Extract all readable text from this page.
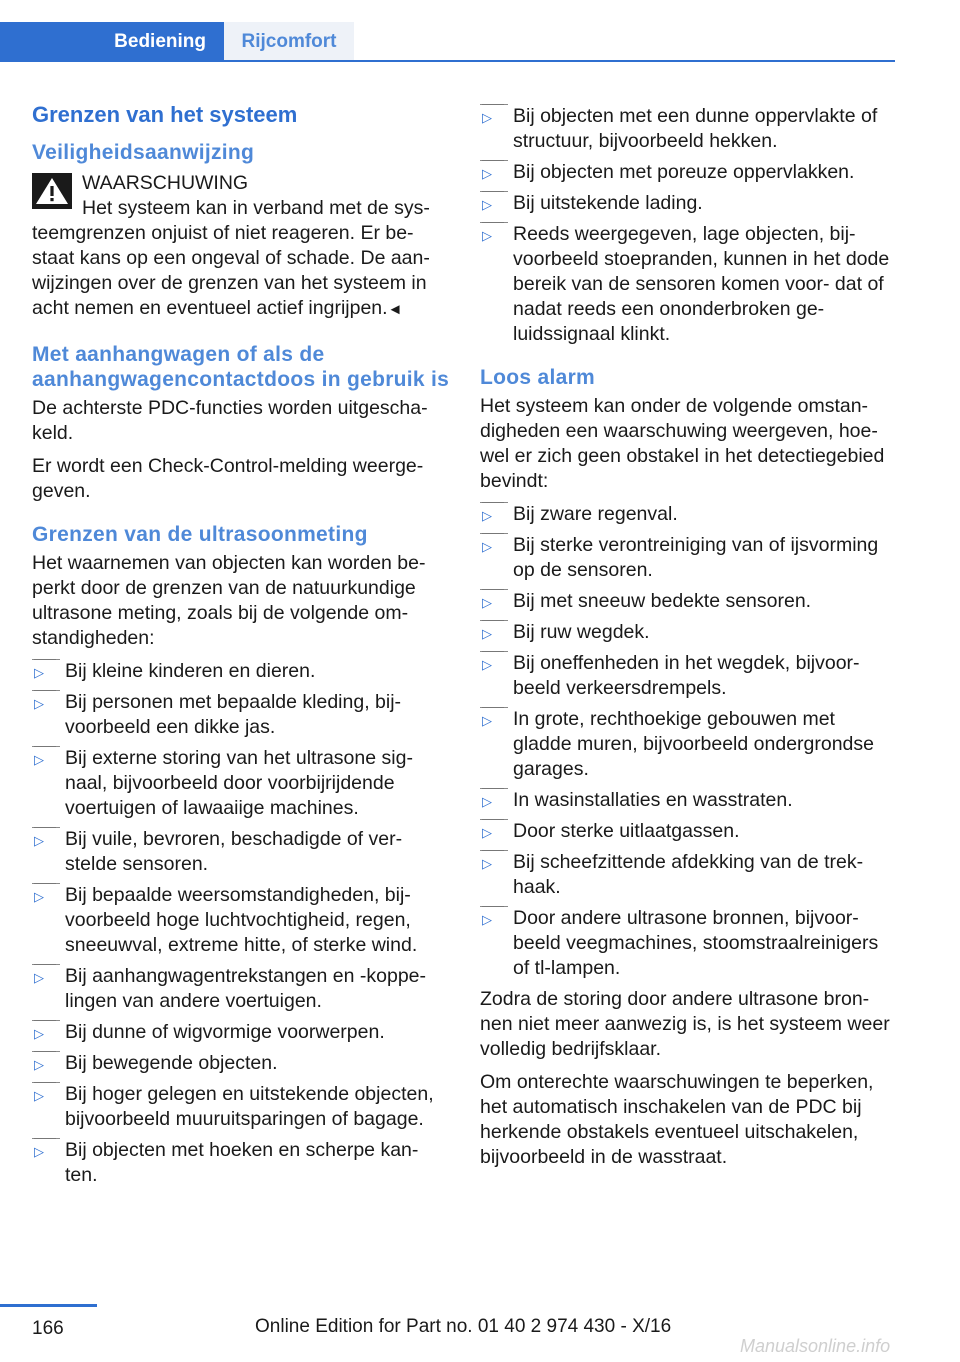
Bediening	Rijcomfort
Grenzen van het systeem
Veiligheidsaanwijzing
WAARSCHUWING
Het systeem kan in verband met de sys‐

teemgrenzen onjuist of niet reageren. Er be‐ staat kans op een ongeval of schade. De aan‐ wijzingen over de grenzen van het systeem in acht nemen en eventueel actief ingrijpen.◄

Met aanhangwagen of als de aanhangwagencontactdoos in gebruik is

De achterste PDC-functies worden uitgescha‐ keld.

Er wordt een Check-Control-melding weerge‐ geven.

Grenzen van de ultrasoonmeting

Het waarnemen van objecten kan worden be‐ perkt door de grenzen van de natuurkundige ultrasone meting, zoals bij de volgende om‐ standigheden:

▷	Bij kleine kinderen en dieren.
▷	Bij personen met bepaalde kleding, bij‐ voorbeeld een dikke jas.
▷	Bij externe storing van het ultrasone sig‐ naal, bijvoorbeeld door voorbijrijdende voertuigen of lawaaiige machines.
▷	Bij vuile, bevroren, beschadigde of ver‐ stelde sensoren.
▷	Bij bepaalde weersomstandigheden, bij‐ voorbeeld hoge luchtvochtigheid, regen, sneeuwval, extreme hitte, of sterke wind.
▷	Bij aanhangwagentrekstangen en -koppe‐ lingen van andere voertuigen.
▷	Bij dunne of wigvormige voorwerpen.
▷	Bij bewegende objecten.
▷	Bij hoger gelegen en uitstekende objecten, bijvoorbeeld muuruitsparingen of bagage.
▷	Bij objecten met hoeken en scherpe kan‐ ten.
▷	Bij objecten met een dunne oppervlakte of structuur, bijvoorbeeld hekken.
▷	Bij objecten met poreuze oppervlakken.
▷	Bij uitstekende lading.
▷	Reeds weergegeven, lage objecten, bij‐ voorbeeld stoepranden, kunnen in het dode bereik van de sensoren komen voor‐ dat of nadat reeds een ononderbroken ge‐ luidssignaal klinkt.
Loos alarm

Het systeem kan onder de volgende omstan‐ digheden een waarschuwing weergeven, hoe‐ wel er zich geen obstakel in het detectiegebied bevindt:

▷	Bij zware regenval.
▷	Bij sterke verontreiniging van of ijsvorming op de sensoren.
▷	Bij met sneeuw bedekte sensoren.
▷	Bij ruw wegdek.
▷	Bij oneffenheden in het wegdek, bijvoor‐ beeld verkeersdrempels.
▷	In grote, rechthoekige gebouwen met gladde muren, bijvoorbeeld ondergrondse garages.
▷	In wasinstallaties en wasstraten.
▷	Door sterke uitlaatgassen.
▷	Bij scheefzittende afdekking van de trek‐ haak.
▷	Door andere ultrasone bronnen, bijvoor‐ beeld veegmachines, stoomstraalreinigers of tl-lampen.

Zodra de storing door andere ultrasone bron‐ nen niet meer aanwezig is, is het systeem weer volledig bedrijfsklaar.

Om onterechte waarschuwingen te beperken, het automatisch inschakelen van de PDC bij herkende obstakels eventueel uitschakelen, bijvoorbeeld in de wasstraat.

166	Online Edition for Part no. 01 40 2 974 430 - X/16
Manualsonline.info
